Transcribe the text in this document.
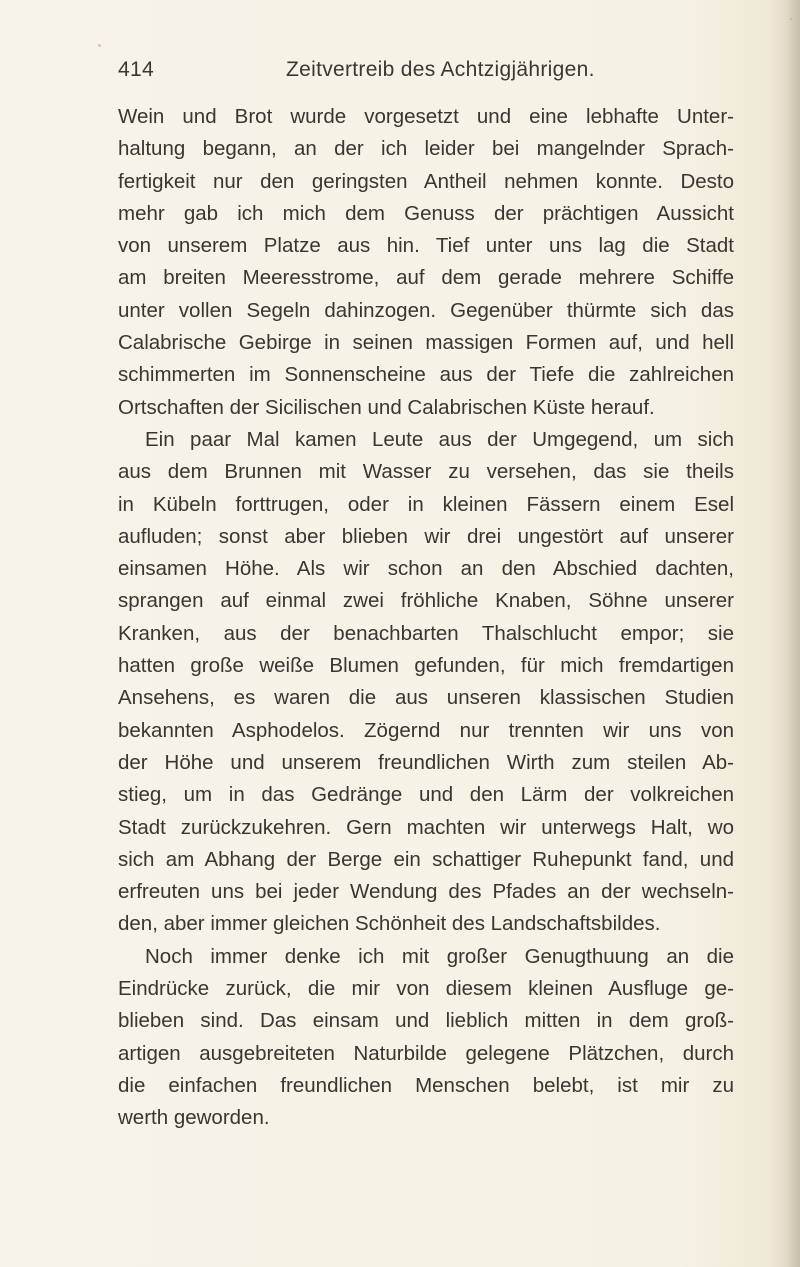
414	Zeitvertreib des Achtzigjährigen.
Wein und Brot wurde vorgesetzt und eine lebhafte Unter-
haltung begann, an der ich leider bei mangelnder Sprach-
fertigkeit nur den geringsten Antheil nehmen konnte. Desto
mehr gab ich mich dem Genuss der prächtigen Aussicht
von unserem Platze aus hin. Tief unter uns lag die Stadt
am breiten Meeresstrome, auf dem gerade mehrere Schiffe
unter vollen Segeln dahinzogen. Gegenüber thürmte sich das
Calabrische Gebirge in seinen massigen Formen auf, und hell
schimmerten im Sonnenscheine aus der Tiefe die zahlreichen
Ortschaften der Sicilischen und Calabrischen Küste herauf.
Ein paar Mal kamen Leute aus der Umgegend, um sich
aus dem Brunnen mit Wasser zu versehen, das sie theils
in Kübeln forttrugen, oder in kleinen Fässern einem Esel
aufluden; sonst aber blieben wir drei ungestört auf unserer
einsamen Höhe. Als wir schon an den Abschied dachten,
sprangen auf einmal zwei fröhliche Knaben, Söhne unserer
Kranken, aus der benachbarten Thalschlucht empor; sie
hatten große weiße Blumen gefunden, für mich fremdartigen
Ansehens, es waren die aus unseren klassischen Studien
bekannten Asphodelos. Zögernd nur trennten wir uns von
der Höhe und unserem freundlichen Wirth zum steilen Ab-
stieg, um in das Gedränge und den Lärm der volkreichen
Stadt zurückzukehren. Gern machten wir unterwegs Halt, wo
sich am Abhang der Berge ein schattiger Ruhepunkt fand, und
erfreuten uns bei jeder Wendung des Pfades an der wechseln-
den, aber immer gleichen Schönheit des Landschaftsbildes.
Noch immer denke ich mit großer Genugthuung an die
Eindrücke zurück, die mir von diesem kleinen Ausfluge ge-
blieben sind. Das einsam und lieblich mitten in dem groß-
artigen ausgebreiteten Naturbilde gelegene Plätzchen, durch
die einfachen freundlichen Menschen belebt, ist mir zu
werth geworden.
